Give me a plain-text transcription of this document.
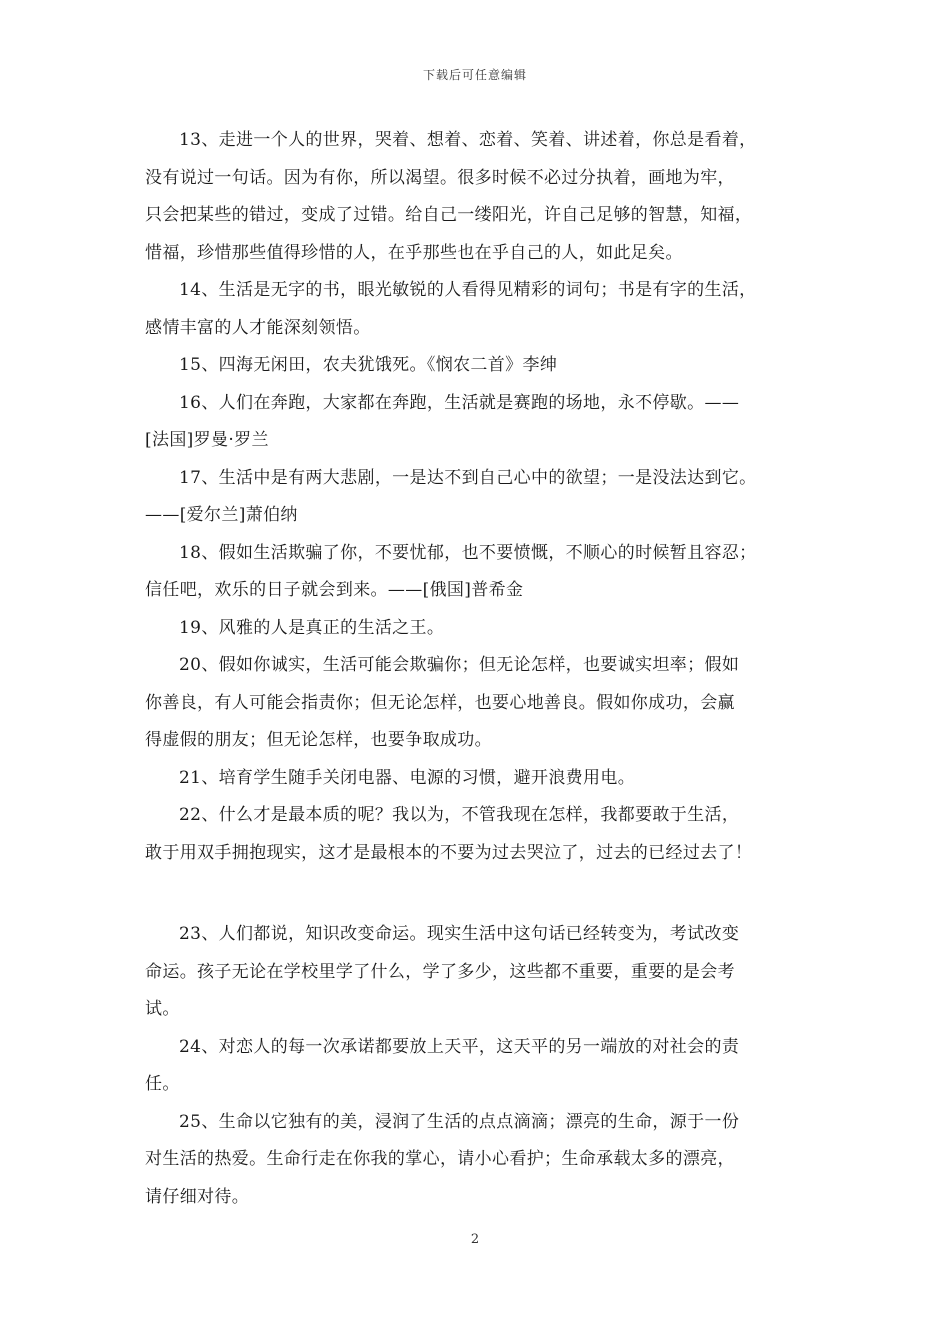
下载后可任意编辑

13、走进一个人的世界，哭着、想着、恋着、笑着、讲述着，你总是看着，
没有说过一句话。因为有你，所以渴望。很多时候不必过分执着，画地为牢，
只会把某些的错过，变成了过错。给自己一缕阳光，许自己足够的智慧，知福，
惜福，珍惜那些值得珍惜的人，在乎那些也在乎自己的人，如此足矣。

14、生活是无字的书，眼光敏锐的人看得见精彩的词句；书是有字的生活，
感情丰富的人才能深刻领悟。

15、四海无闲田，农夫犹饿死。《悯农二首》李绅

16、人们在奔跑，大家都在奔跑，生活就是赛跑的场地，永不停歇。——
[法国]罗曼·罗兰

17、生活中是有两大悲剧，一是达不到自己心中的欲望；一是没法达到它。
——[爱尔兰]萧伯纳

18、假如生活欺骗了你，不要忧郁，也不要愤慨，不顺心的时候暂且容忍；
信任吧，欢乐的日子就会到来。——[俄国]普希金

19、风雅的人是真正的生活之王。

20、假如你诚实，生活可能会欺骗你；但无论怎样，也要诚实坦率；假如
你善良，有人可能会指责你；但无论怎样，也要心地善良。假如你成功，会赢
得虚假的朋友；但无论怎样，也要争取成功。

21、培育学生随手关闭电器、电源的习惯，避开浪费用电。

22、什么才是最本质的呢？我以为，不管我现在怎样，我都要敢于生活，
敢于用双手拥抱现实，这才是最根本的不要为过去哭泣了，过去的已经过去了！

23、人们都说，知识改变命运。现实生活中这句话已经转变为，考试改变
命运。孩子无论在学校里学了什么，学了多少，这些都不重要，重要的是会考
试。

24、对恋人的每一次承诺都要放上天平，这天平的另一端放的对社会的责
任。

25、生命以它独有的美，浸润了生活的点点滴滴；漂亮的生命，源于一份
对生活的热爱。生命行走在你我的掌心，请小心看护；生命承载太多的漂亮，
请仔细对待。

2
